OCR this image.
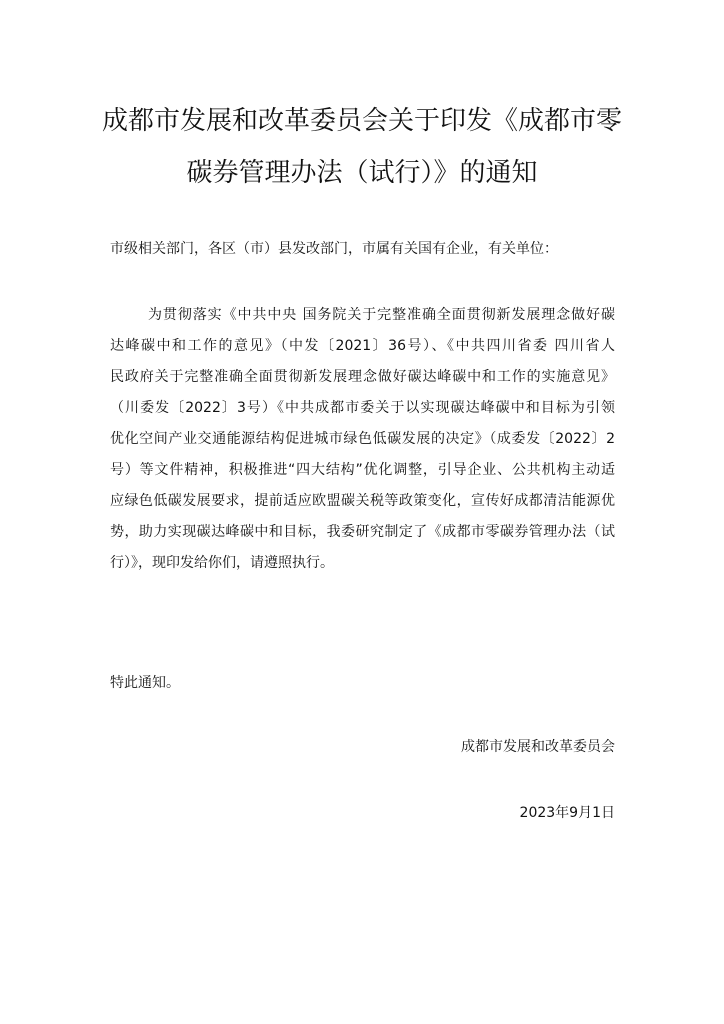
成都市发展和改革委员会关于印发《成都市零
碳券管理办法（试行）》的通知

市级相关部门，各区（市）县发改部门，市属有关国有企业，有关单位：

为贯彻落实《中共中央 国务院关于完整准确全面贯彻新发展理念做好碳
达峰碳中和工作的意见》（中发〔2021〕36号）、《中共四川省委 四川省人
民政府关于完整准确全面贯彻新发展理念做好碳达峰碳中和工作的实施意见》
（川委发〔2022〕3号）《中共成都市委关于以实现碳达峰碳中和目标为引领
优化空间产业交通能源结构促进城市绿色低碳发展的决定》（成委发〔2022〕2
号）等文件精神，积极推进“四大结构”优化调整，引导企业、公共机构主动适
应绿色低碳发展要求，提前适应欧盟碳关税等政策变化，宣传好成都清洁能源优
势，助力实现碳达峰碳中和目标，我委研究制定了《成都市零碳券管理办法（试
行）》，现印发给你们，请遵照执行。

特此通知。

成都市发展和改革委员会

2023年9月1日
